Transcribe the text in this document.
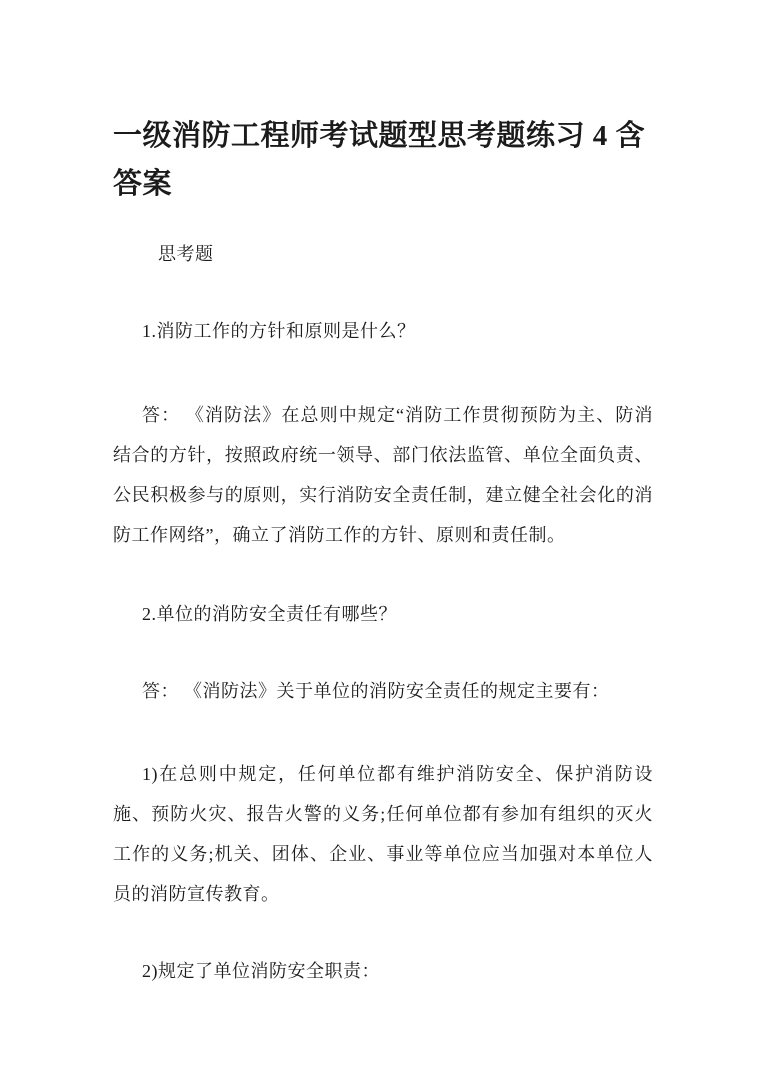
一级消防工程师考试题型思考题练习 4 含答案

思考题

1.消防工作的方针和原则是什么？

答： 《消防法》在总则中规定“消防工作贯彻预防为主、防消结合的方针，按照政府统一领导、部门依法监管、单位全面负责、公民积极参与的原则，实行消防安全责任制，建立健全社会化的消防工作网络”，确立了消防工作的方针、原则和责任制。

2.单位的消防安全责任有哪些？

答： 《消防法》关于单位的消防安全责任的规定主要有：

1)在总则中规定，任何单位都有维护消防安全、保护消防设施、预防火灾、报告火警的义务;任何单位都有参加有组织的灭火工作的义务;机关、团体、企业、事业等单位应当加强对本单位人员的消防宣传教育。

2)规定了单位消防安全职责：
